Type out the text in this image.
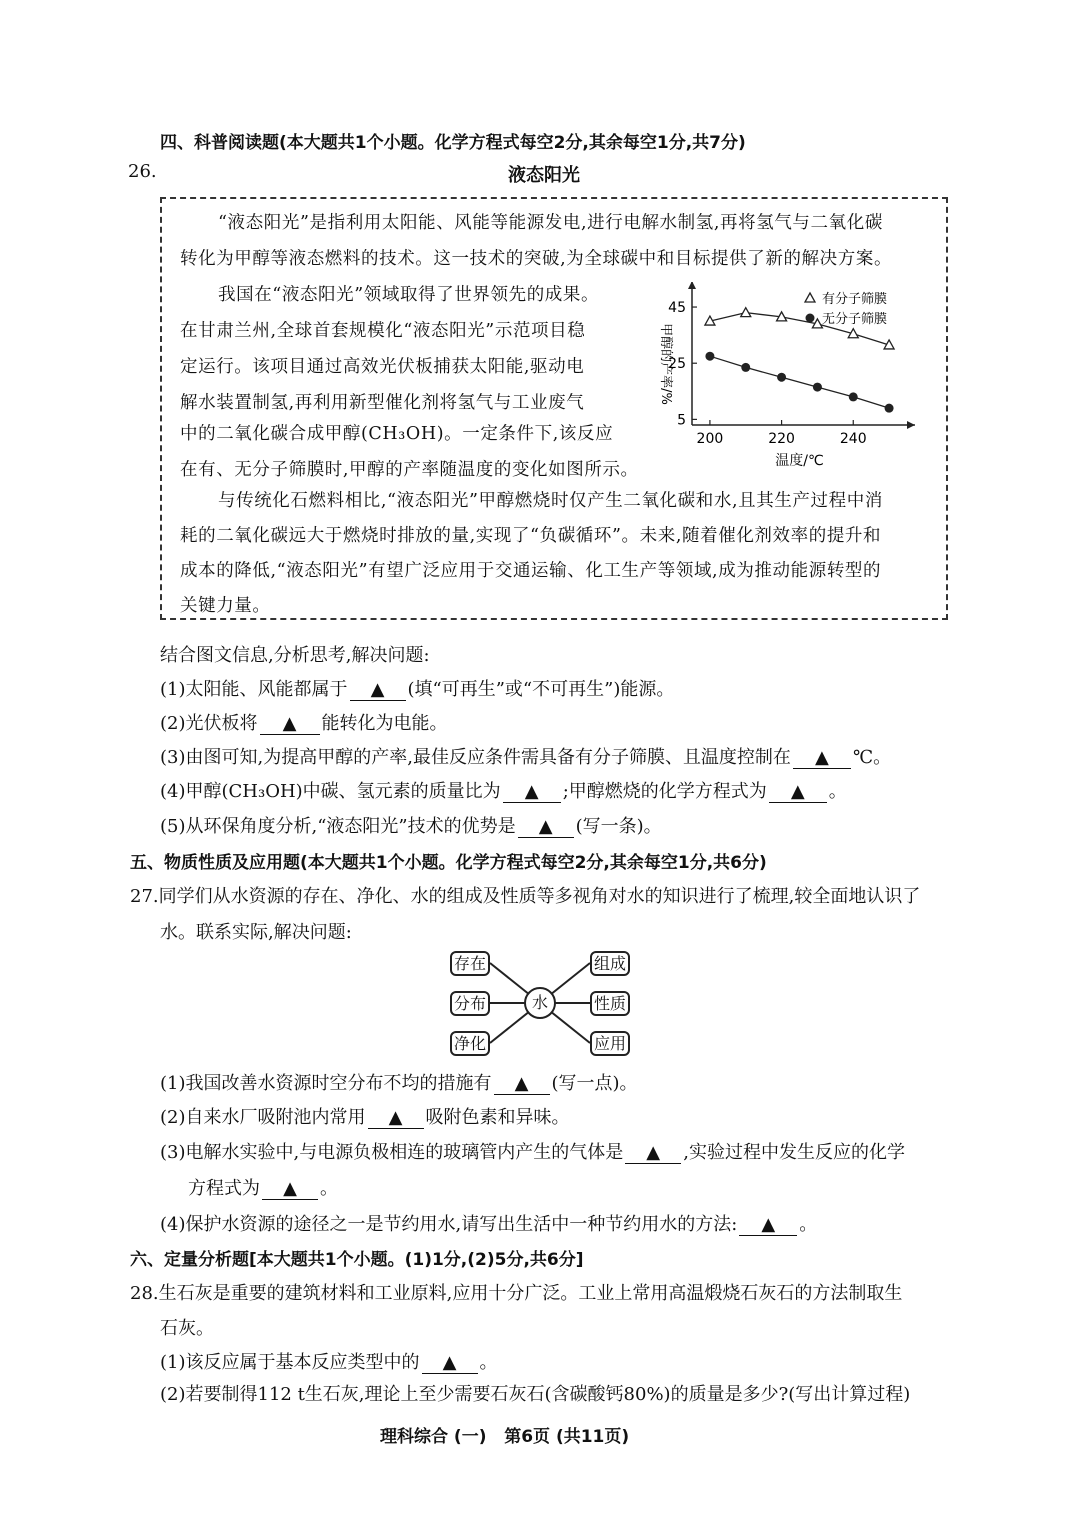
四、科普阅读题(本大题共1个小题。化学方程式每空2分,其余每空1分,共7分)
26.	液态阳光
“液态阳光”是指利用太阳能、风能等能源发电,进行电解水制氢,再将氢气与二氧化碳
转化为甲醇等液态燃料的技术。这一技术的突破,为全球碳中和目标提供了新的解决方案。
我国在“液态阳光”领域取得了世界领先的成果。
在甘肃兰州,全球首套规模化“液态阳光”示范项目稳
定运行。该项目通过高效光伏板捕获太阳能,驱动电
解水装置制氢,再利用新型催化剂将氢气与工业废气
中的二氧化碳合成甲醇(CH₃OH)。一定条件下,该反应
在有、无分子筛膜时,甲醇的产率随温度的变化如图所示。
与传统化石燃料相比,“液态阳光”甲醇燃烧时仅产生二氧化碳和水,且其生产过程中消
耗的二氧化碳远大于燃烧时排放的量,实现了“负碳循环”。未来,随着催化剂效率的提升和
成本的降低,“液态阳光”有望广泛应用于交通运输、化工生产等领域,成为推动能源转型的
关键力量。
200	220	240
5
25
45
温度/℃
甲醇的产率/%
有分子筛膜
无分子筛膜
结合图文信息,分析思考,解决问题:
(1)太阳能、风能都属于 ▲ (填“可再生”或“不可再生”)能源。
(2)光伏板将 ▲ 能转化为电能。
(3)由图可知,为提高甲醇的产率,最佳反应条件需具备有分子筛膜、且温度控制在 ▲ ℃。
(4)甲醇(CH₃OH)中碳、氢元素的质量比为 ▲ ;甲醇燃烧的化学方程式为 ▲ 。
(5)从环保角度分析,“液态阳光”技术的优势是 ▲ (写一条)。
五、物质性质及应用题(本大题共1个小题。化学方程式每空2分,其余每空1分,共6分)
27.同学们从水资源的存在、净化、水的组成及性质等多视角对水的知识进行了梳理,较全面地认识了
水。联系实际,解决问题:
存在
分布
净化
水
组成
性质
应用
(1)我国改善水资源时空分布不均的措施有 ▲ (写一点)。
(2)自来水厂吸附池内常用 ▲ 吸附色素和异味。
(3)电解水实验中,与电源负极相连的玻璃管内产生的气体是 ▲ ,实验过程中发生反应的化学
方程式为 ▲ 。
(4)保护水资源的途径之一是节约用水,请写出生活中一种节约用水的方法: ▲ 。
六、定量分析题[本大题共1个小题。(1)1分,(2)5分,共6分]
28.生石灰是重要的建筑材料和工业原料,应用十分广泛。工业上常用高温煅烧石灰石的方法制取生
石灰。
(1)该反应属于基本反应类型中的 ▲ 。
(2)若要制得112 t生石灰,理论上至少需要石灰石(含碳酸钙80%)的质量是多少?(写出计算过程)
理科综合 (一)   第6页 (共11页)
